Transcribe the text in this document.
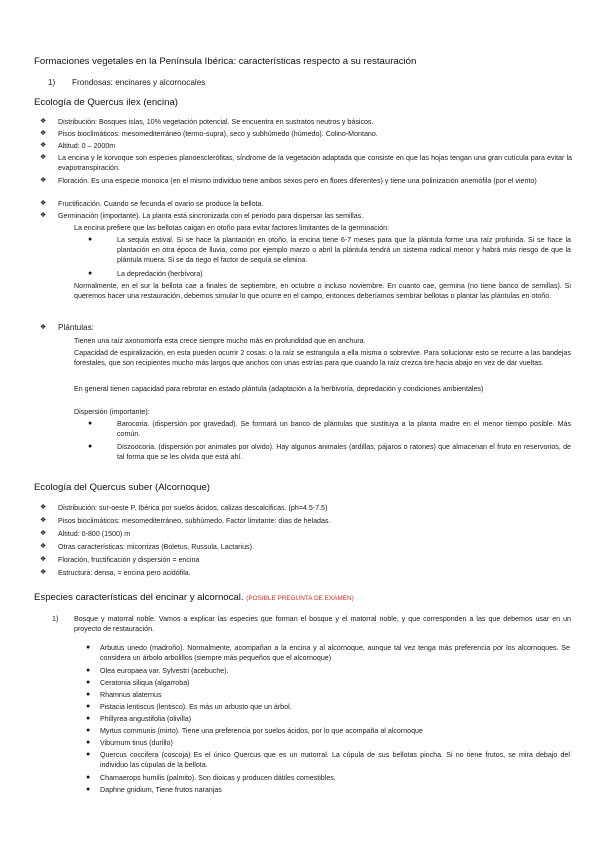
Formaciones vegetales en la Península Ibérica: características respecto a su restauración
1) Frondosas: encinares y alcornocales
Ecología de Quercus ilex (encina)
❖ Distribución: Bosques islas, 10% vegetación potencial. Se encuentra en sustratos neutros y básicos.
❖ Pisos bioclimáticos: mesomediterráneo (termo-supra), seco y subhúmedo (húmedo). Colino-Montano.
❖ Altitud: 0 – 2000m
❖ La encina y le korvoque son especies planoesclerófitas, síndrome de la vegetación adaptada que consiste en que las hojas tengan una gran cutícula para evitar la evapotranspiración.
❖ Floración. Es una especie monoica (en el mismo individuo tiene ambos sexos pero en flores diferentes) y tiene una polinización anemófila (por el viento)
❖ Fructificación. Cuando se fecunda el ovario se produce la bellota.
❖ Germinación (importante). La planta está sincronizada con el periodo para dispersar las semillas.
La encina prefiere que las bellotas caigan en otoño para evitar factores limitantes de la germinación:
●	La sequía estival. Si se hace la plantación en otoño, la encina tiene 6-7 meses para que la plántula forme una raíz profunda. Si se hace la plantación en otra época de lluvia, como por ejemplo marzo o abril la plántula tendrá un sistema radical menor y habrá más riesgo de que la plántula muera. Si se da riego el factor de sequía se elimina.
●	La depredación (herbívora)
Normalmente, en el sur la bellota cae a finales de septiembre, en octubre o incluso noviembre. En cuanto cae, germina (no tiene banco de semillas). Si queremos hacer una restauración, debemos simular lo que ocurre en el campo, entonces deberíamos sembrar bellotas o plantar las plántulas en otoño.
❖ Plántulas:
Tienen una raíz axonomorfa esta crece siempre mucho más en profundidad que en anchura.
Capacidad de espiralización, en esta pueden ocurrir 2 cosas: o la raíz se estrangula a ella misma o sobrevive. Para solucionar esto se recurre a las bandejas forestales, que son recipientes mucho más largos que anchos con unas estrías para que cuando la raíz crezca tire hacia abajo en vez de dar vueltas.
En general tienen capacidad para rebrotar en estado plántula (adaptación a la herbivoría, depredación y condiciones ambientales)
Dispersión (importante):
●	Barocoria. (dispersión por gravedad). Se formará un banco de plántulas que sustituya a la planta madre en el menor tiempo posible. Más común.
●	Diszoocoria. (dispersión por animales por olvido). Hay algunos animales (ardillas, pájaros o ratones) que almacenan el fruto en reservorios, de tal forma que se les olvida que está ahí.
Ecología del Quercus suber (Alcornoque)
❖ Distribución: sur-oeste P. Ibérica por suelos ácidos, calizas descalcificas. (ph=4.5-7.5)
❖ Pisos bioclimáticos: mesomediterráneo, subhúmedo. Factor limitante: días de heladas.
❖ Altitud: 0-800 (1500) m
❖ Otras características: micorrizas (Boletus, Russula, Lactarius).
❖ Floración, fructificación y dispersión = encina
❖ Estructura: densa, = encina pero acidófila.
Especies características del encinar y alcornocal. (POSIBLE PREGUNTA DE EXAMEN)
1) Bosque y matorral noble. Vamos a explicar las especies que forman el bosque y el matorral noble, y que corresponden a las que debemos usar en un proyecto de restauración.
● Arbutus unedo (madroño). Normalmente, acompañan a la encina y al alcornoque, aunque tal vez tenga más preferencia por los alcornoques. Se considera un árbolo arbolillos (siempre más pequeños que el alcornoque)
● Olea europaea var. Sylvestri (acebuche).
● Ceratonia siliqua (algarroba)
● Rhamnus alaternus
● Pistacia lentiscus (lentisco). Es más un arbusto que un árbol.
● Phillyrea angustifolia (olivilla)
● Myrtus communis (mirto). Tiene una preferencia por suelos ácidos, por lo que acompaña al alcornoque
● Viburnum tinus (durillo)
● Quercus coccifera (coscoja) Es el único Quercus que es un matorral. La cúpula de sus bellotas pincha. Si no tiene frutos, se mira debajo del individuo las cúpulas de la bellota.
● Chamaerops humilis (palmito). Son dioicas y producen dátiles comestibles.
● Daphne gnidium, Tiene frutos naranjas
